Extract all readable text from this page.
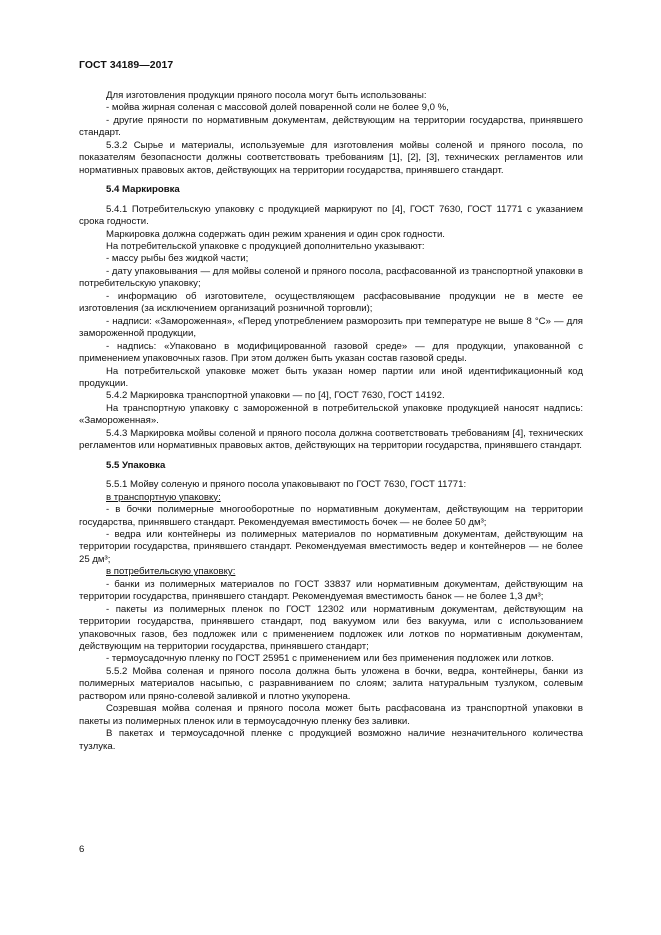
ГОСТ 34189—2017

Для изготовления продукции пряного посола могут быть использованы:

- мойва жирная соленая с массовой долей поваренной соли не более 9,0 %,

- другие пряности по нормативным документам, действующим на территории государства, принявшего стандарт.

5.3.2 Сырье и материалы, используемые для изготовления мойвы соленой и пряного посола, по показателям безопасности должны соответствовать требованиям [1], [2], [3], технических регламентов или нормативных правовых актов, действующих на территории государства, принявшего стандарт.

5.4 Маркировка

5.4.1 Потребительскую упаковку с продукцией маркируют по [4], ГОСТ 7630, ГОСТ 11771 с указанием срока годности.

Маркировка должна содержать один режим хранения и один срок годности.

На потребительской упаковке с продукцией дополнительно указывают:

- массу рыбы без жидкой части;

- дату упаковывания — для мойвы соленой и пряного посола, расфасованной из транспортной упаковки в потребительскую упаковку;

- информацию об изготовителе, осуществляющем расфасовывание продукции не в месте ее изготовления (за исключением организаций розничной торговли);

- надписи: «Замороженная», «Перед употреблением разморозить при температуре не выше 8 °С» — для замороженной продукции,

- надпись: «Упаковано в модифицированной газовой среде» — для продукции, упакованной с применением упаковочных газов. При этом должен быть указан состав газовой среды.

На потребительской упаковке может быть указан номер партии или иной идентификационный код продукции.

5.4.2 Маркировка транспортной упаковки — по [4], ГОСТ 7630, ГОСТ 14192.

На транспортную упаковку с замороженной в потребительской упаковке продукцией наносят надпись: «Замороженная».

5.4.3 Маркировка мойвы соленой и пряного посола должна соответствовать требованиям [4], технических регламентов или нормативных правовых актов, действующих на территории государства, принявшего стандарт.

5.5 Упаковка

5.5.1 Мойву соленую и пряного посола упаковывают по ГОСТ 7630, ГОСТ 11771:

в транспортную упаковку:

- в бочки полимерные многооборотные по нормативным документам, действующим на территории государства, принявшего стандарт. Рекомендуемая вместимость бочек — не более 50 дм³;

- ведра или контейнеры из полимерных материалов по нормативным документам, действующим на территории государства, принявшего стандарт. Рекомендуемая вместимость ведер и контейнеров — не более 25 дм³;

в потребительскую упаковку:

- банки из полимерных материалов по ГОСТ 33837 или нормативным документам, действующим на территории государства, принявшего стандарт. Рекомендуемая вместимость банок — не более 1,3 дм³;

- пакеты из полимерных пленок по ГОСТ 12302 или нормативным документам, действующим на территории государства, принявшего стандарт, под вакуумом или без вакуума, или с использованием упаковочных газов, без подложек или с применением подложек или лотков по нормативным документам, действующим на территории государства, принявшего стандарт;

- термоусадочную пленку по ГОСТ 25951 с применением или без применения подложек или лотков.

5.5.2 Мойва соленая и пряного посола должна быть уложена в бочки, ведра, контейнеры, банки из полимерных материалов насыпью, с разравниванием по слоям; залита натуральным тузлуком, солевым раствором или пряно-солевой заливкой и плотно укупорена.

Созревшая мойва соленая и пряного посола может быть расфасована из транспортной упаковки в пакеты из полимерных пленок или в термоусадочную пленку без заливки.

В пакетах и термоусадочной пленке с продукцией возможно наличие незначительного количества тузлука.

6
